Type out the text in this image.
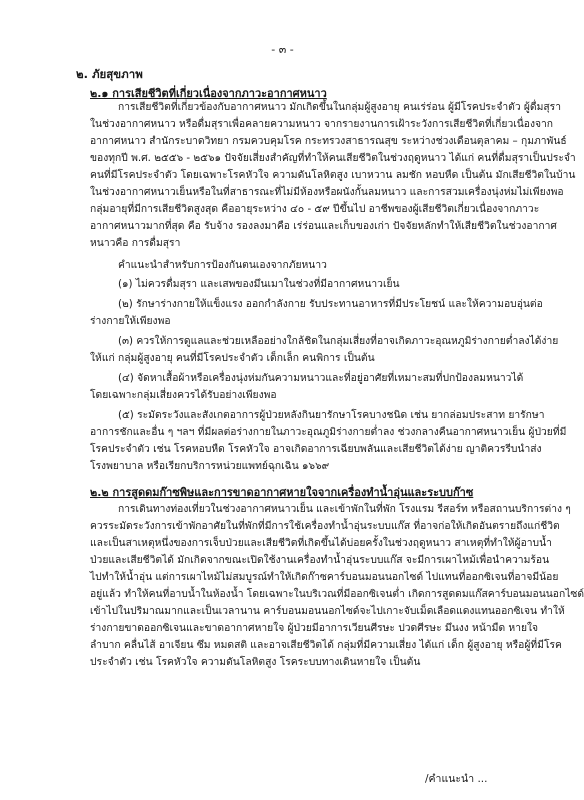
- ๓ -
๒. ภัยสุขภาพ
๒.๑ การเสียชีวิตที่เกี่ยวเนื่องจากภาวะอากาศหนาว
การเสียชีวิตที่เกี่ยวข้องกับอากาศหนาว มักเกิดขึ้นในกลุ่มผู้สูงอายุ คนเร่ร่อน ผู้มีโรคประจำตัว ผู้ดื่มสุรา
ในช่วงอากาศหนาว หรือดื่มสุราเพื่อคลายความหนาว จากรายงานการเฝ้าระวังการเสียชีวิตที่เกี่ยวเนื่องจาก
อากาศหนาว สำนักระบาดวิทยา กรมควบคุมโรค กระทรวงสาธารณสุข ระหว่างช่วงเดือนตุลาคม – กุมภาพันธ์
ของทุกปี พ.ศ. ๒๕๕๖ - ๒๕๖๑ ปัจจัยเสี่ยงสำคัญที่ทำให้คนเสียชีวิตในช่วงฤดูหนาว ได้แก่ คนที่ดื่มสุราเป็นประจำ
คนที่มีโรคประจำตัว โดยเฉพาะโรคหัวใจ ความดันโลหิตสูง เบาหวาน ลมชัก หอบหืด เป็นต้น มักเสียชีวิตในบ้าน
ในช่วงอากาศหนาวเย็นหรือในที่สาธารณะที่ไม่มีห้องหรือผนังกั้นลมหนาว และการสวมเครื่องนุ่งห่มไม่เพียงพอ
กลุ่มอายุที่มีการเสียชีวิตสูงสุด คืออายุระหว่าง ๔๐ - ๕๙ ปีขึ้นไป อาชีพของผู้เสียชีวิตเกี่ยวเนื่องจากภาวะ
อากาศหนาวมากที่สุด คือ รับจ้าง รองลงมาคือ เร่ร่อนและเก็บของเก่า ปัจจัยหลักทำให้เสียชีวิตในช่วงอากาศ
หนาวคือ การดื่มสุรา
คำแนะนำสำหรับการป้องกันตนเองจากภัยหนาว
(๑) ไม่ควรดื่มสุรา และเสพของมึนเมาในช่วงที่มีอากาศหนาวเย็น
(๒) รักษาร่างกายให้แข็งแรง ออกกำลังกาย รับประทานอาหารที่มีประโยชน์ และให้ความอบอุ่นต่อ
ร่างกายให้เพียงพอ
(๓) ควรให้การดูแลและช่วยเหลืออย่างใกล้ชิดในกลุ่มเสี่ยงที่อาจเกิดภาวะอุณหภูมิร่างกายต่ำลงได้ง่าย
ให้แก่ กลุ่มผู้สูงอายุ คนที่มีโรคประจำตัว เด็กเล็ก คนพิการ เป็นต้น
(๔) จัดหาเสื้อผ้าหรือเครื่องนุ่งห่มกันความหนาวและที่อยู่อาศัยที่เหมาะสมที่ปกป้องลมหนาวได้
โดยเฉพาะกลุ่มเสี่ยงควรได้รับอย่างเพียงพอ
(๕) ระมัดระวังและสังเกตอาการผู้ป่วยหลังกินยารักษาโรคบางชนิด เช่น ยากล่อมประสาท ยารักษา
อาการชักและอื่น ๆ ฯลฯ ที่มีผลต่อร่างกายในภาวะอุณภูมิร่างกายต่ำลง ช่วงกลางคืนอากาศหนาวเย็น ผู้ป่วยที่มี
โรคประจำตัว เช่น โรคหอบหืด โรคหัวใจ อาจเกิดอาการเฉียบพลันและเสียชีวิตได้ง่าย ญาติควรรีบนำส่ง
โรงพยาบาล หรือเรียกบริการหน่วยแพทย์ฉุกเฉิน ๑๖๖๙
๒.๒ การสูดดมก๊าซพิษและการขาดอากาศหายใจจากเครื่องทำน้ำอุ่นและระบบก๊าซ
การเดินทางท่องเที่ยวในช่วงอากาศหนาวเย็น และเข้าพักในที่พัก โรงแรม รีสอร์ท หรือสถานบริการต่าง ๆ
ควรระมัดระวังการเข้าพักอาศัยในที่พักที่มีการใช้เครื่องทำน้ำอุ่นระบบแก๊ส ที่อาจก่อให้เกิดอันตรายถึงแก่ชีวิต
และเป็นสาเหตุหนึ่งของการเจ็บป่วยและเสียชีวิตที่เกิดขึ้นได้บ่อยครั้งในช่วงฤดูหนาว สาเหตุที่ทำให้ผู้อาบน้ำ
ป่วยและเสียชีวิตได้ มักเกิดจากขณะเปิดใช้งานเครื่องทำน้ำอุ่นระบบแก๊ส จะมีการเผาไหม้เพื่อนำความร้อน
ไปทำให้น้ำอุ่น แต่การเผาไหม้ไม่สมบูรณ์ทำให้เกิดก๊าซคาร์บอนมอนนอกไซด์ ไปแทนที่ออกซิเจนที่อาจมีน้อย
อยู่แล้ว ทำให้คนที่อาบน้ำในห้องน้ำ โดยเฉพาะในบริเวณที่มีออกซิเจนต่ำ เกิดการสูดดมแก๊สคาร์บอนมอนนอกไซด์
เข้าไปในปริมาณมากและเป็นเวลานาน คาร์บอนมอนนอกไซด์จะไปเกาะจับเม็ดเลือดแดงแทนออกซิเจน ทำให้
ร่างกายขาดออกซิเจนและขาดอากาศหายใจ ผู้ป่วยมีอาการเวียนศีรษะ ปวดศีรษะ มึนงง หน้ามืด หายใจ
ลำบาก คลื่นไส้ อาเจียน ซึม หมดสติ และอาจเสียชีวิตได้ กลุ่มที่มีความเสี่ยง ได้แก่ เด็ก ผู้สูงอายุ หรือผู้ที่มีโรค
ประจำตัว เช่น โรคหัวใจ ความดันโลหิตสูง โรคระบบทางเดินหายใจ เป็นต้น
/คำแนะนำ ...
